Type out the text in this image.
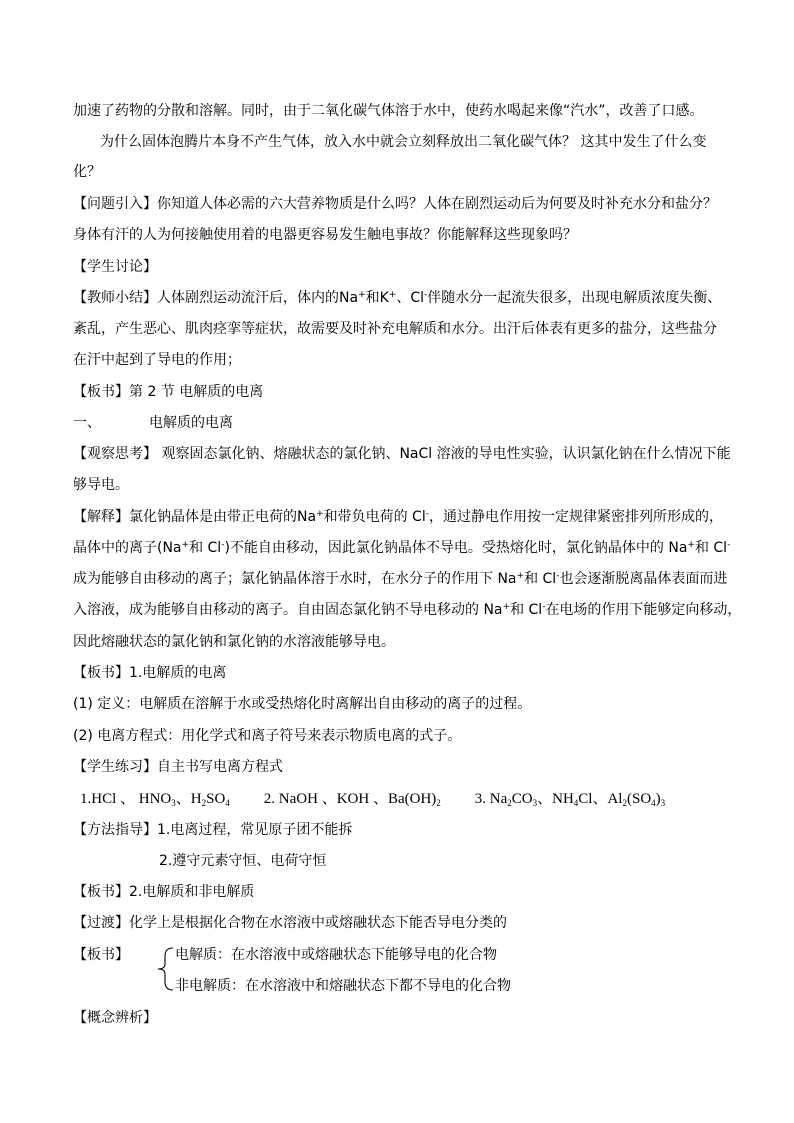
加速了药物的分散和溶解。同时，由于二氧化碳气体溶于水中，使药水喝起来像“汽水”，改善了口感。
为什么固体泡腾片本身不产生气体，放入水中就会立刻释放出二氧化碳气体？ 这其中发生了什么变
化？
【问题引入】你知道人体必需的六大营养物质是什么吗？人体在剧烈运动后为何要及时补充水分和盐分？
身体有汗的人为何接触使用着的电器更容易发生触电事故？你能解释这些现象吗？
【学生讨论】
【教师小结】人体剧烈运动流汗后，体内的Na+和K+、Cl-伴随水分一起流失很多，出现电解质浓度失衡、
紊乱，产生恶心、肌肉痉挛等症状，故需要及时补充电解质和水分。出汗后体表有更多的盐分，这些盐分
在汗中起到了导电的作用；
【板书】第 2 节 电解质的电离
一、	电解质的电离
【观察思考】 观察固态氯化钠、熔融状态的氯化钠、NaCl 溶液的导电性实验，认识氯化钠在什么情况下能
够导电。
【解释】氯化钠晶体是由带正电荷的Na+和带负电荷的 Cl-，通过静电作用按一定规律紧密排列所形成的，
晶体中的离子(Na+和 Cl-)不能自由移动，因此氯化钠晶体不导电。受热熔化时，氯化钠晶体中的 Na+和 Cl-
成为能够自由移动的离子；氯化钠晶体溶于水时，在水分子的作用下 Na+和 Cl-也会逐渐脱离晶体表面而进
入溶液，成为能够自由移动的离子。自由固态氯化钠不导电移动的 Na+和 Cl-在电场的作用下能够定向移动，
因此熔融状态的氯化钠和氯化钠的水溶液能够导电。
【板书】1.电解质的电离
(1) 定义：电解质在溶解于水或受热熔化时离解出自由移动的离子的过程。
(2) 电离方程式：用化学式和离子符号来表示物质电离的式子。
【学生练习】自主书写电离方程式
1.HCl 、 $HNO_3$、$H_2SO_4$ 2. NaOH 、KOH 、$Ba(OH)_2$ 3. $Na_2CO_3$、$NH_4Cl$、$Al_2(SO_4)_3$
【方法指导】1.电离过程，常见原子团不能拆
2.遵守元素守恒、电荷守恒
【板书】2.电解质和非电解质
【过渡】化学上是根据化合物在水溶液中或熔融状态下能否导电分类的
【板书】	电解质：在水溶液中或熔融状态下能够导电的化合物
非电解质：在水溶液中和熔融状态下都不导电的化合物
【概念辨析】
